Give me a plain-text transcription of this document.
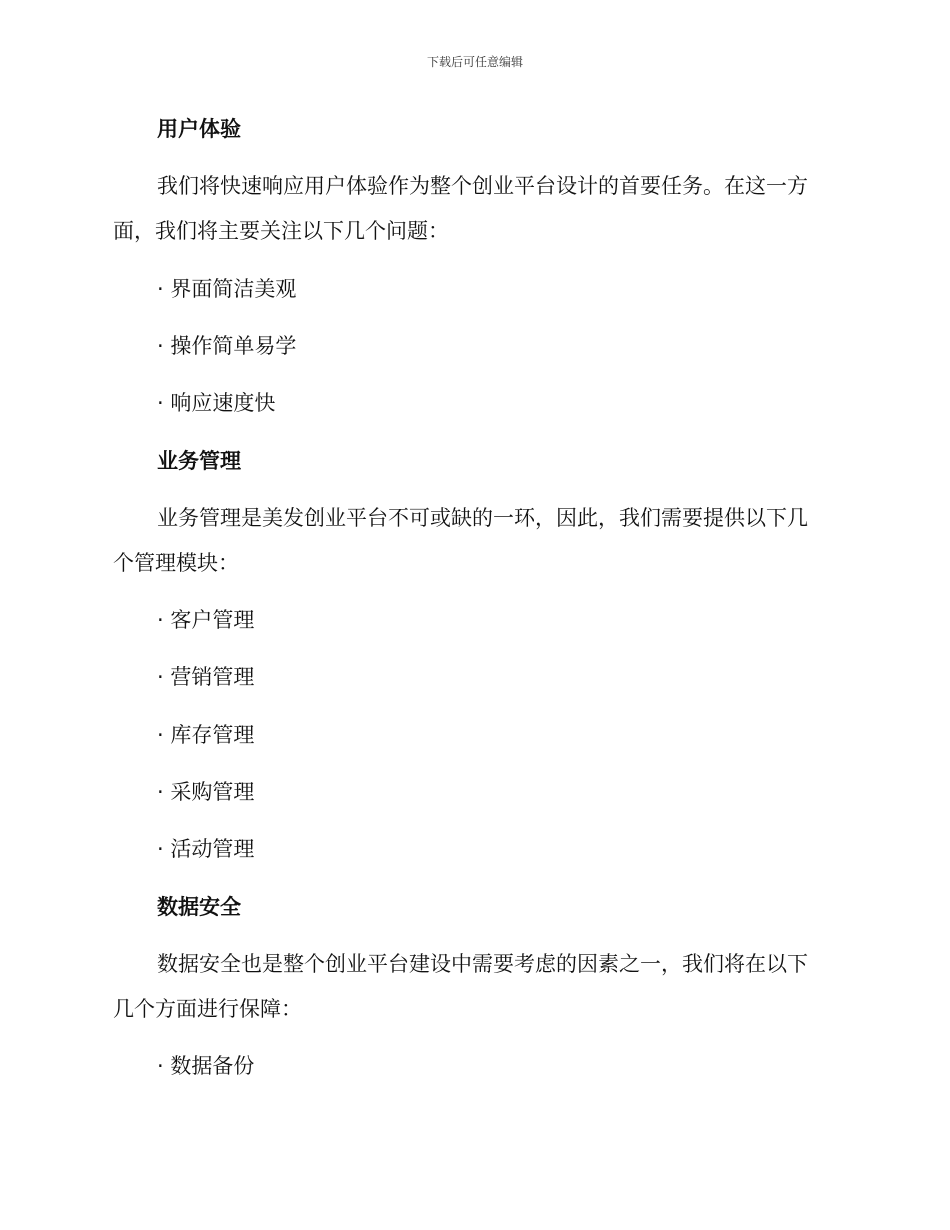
下载后可任意编辑
用户体验
我们将快速响应用户体验作为整个创业平台设计的首要任务。在这一方
面，我们将主要关注以下几个问题：
· 界面简洁美观
· 操作简单易学
· 响应速度快
业务管理
业务管理是美发创业平台不可或缺的一环，因此，我们需要提供以下几
个管理模块：
· 客户管理
· 营销管理
· 库存管理
· 采购管理
· 活动管理
数据安全
数据安全也是整个创业平台建设中需要考虑的因素之一，我们将在以下
几个方面进行保障：
· 数据备份
